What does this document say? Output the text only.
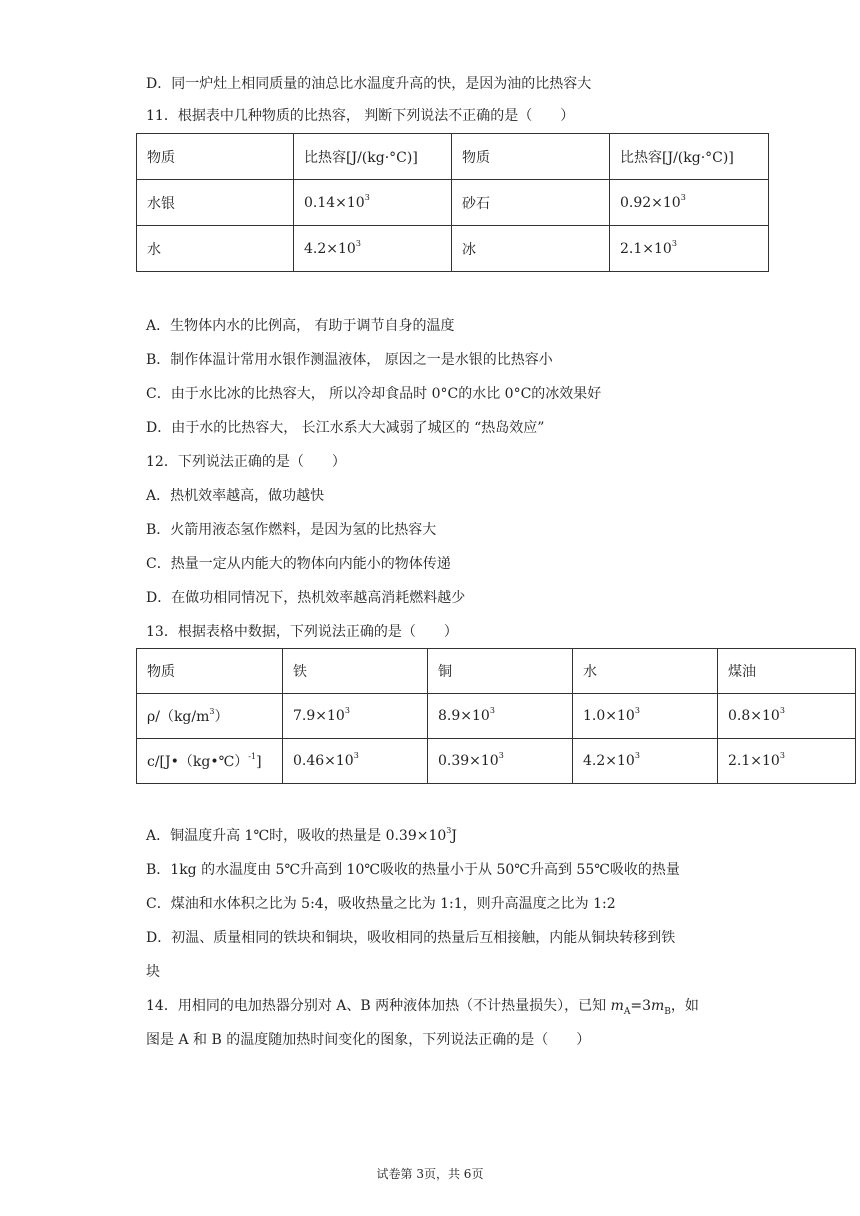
D．同一炉灶上相同质量的油总比水温度升高的快，是因为油的比热容大
11．根据表中几种物质的比热容， 判断下列说法不正确的是（　　）
物质	比热容[J/(kg·°C)]	物质	比热容[J/(kg·°C)]
水银	$0.14\times 10^3$	砂石	$0.92\times 10^3$
水	$4.2\times 10^3$	冰	$2.1\times 10^3$
A．生物体内水的比例高， 有助于调节自身的温度
B．制作体温计常用水银作测温液体， 原因之一是水银的比热容小
C．由于水比冰的比热容大， 所以冷却食品时 0°C的水比 0°C的冰效果好
D．由于水的比热容大， 长江水系大大减弱了城区的 “热岛效应”
12．下列说法正确的是（　　）
A．热机效率越高，做功越快
B．火箭用液态氢作燃料，是因为氢的比热容大
C．热量一定从内能大的物体向内能小的物体传递
D．在做功相同情况下，热机效率越高消耗燃料越少
13．根据表格中数据，下列说法正确的是（　　）
物质	铁	铜	水	煤油
$\rho/(kg/m^3)$	$7.9\times 10^3$	$8.9\times 10^3$	$1.0\times 10^3$	$0.8\times 10^3$
c/[J•（kg•℃）$^{-1}$]	$0.46\times 10^3$	$0.39\times 10^3$	$4.2\times 10^3$	$2.1\times 10^3$
A．铜温度升高 1℃时，吸收的热量是 $0.39\times 10^3J$
B．1kg 的水温度由 5℃升高到 10℃吸收的热量小于从 50℃升高到 55℃吸收的热量
C．煤油和水体积之比为 5:4，吸收热量之比为 1:1，则升高温度之比为 1:2
D．初温、质量相同的铁块和铜块，吸收相同的热量后互相接触，内能从铜块转移到铁
块
14．用相同的电加热器分别对 A、B 两种液体加热（不计热量损失），已知 $m_A=3m_B$，如
图是 A 和 B 的温度随加热时间变化的图象，下列说法正确的是（　　）
试卷第 3页，共 6页
